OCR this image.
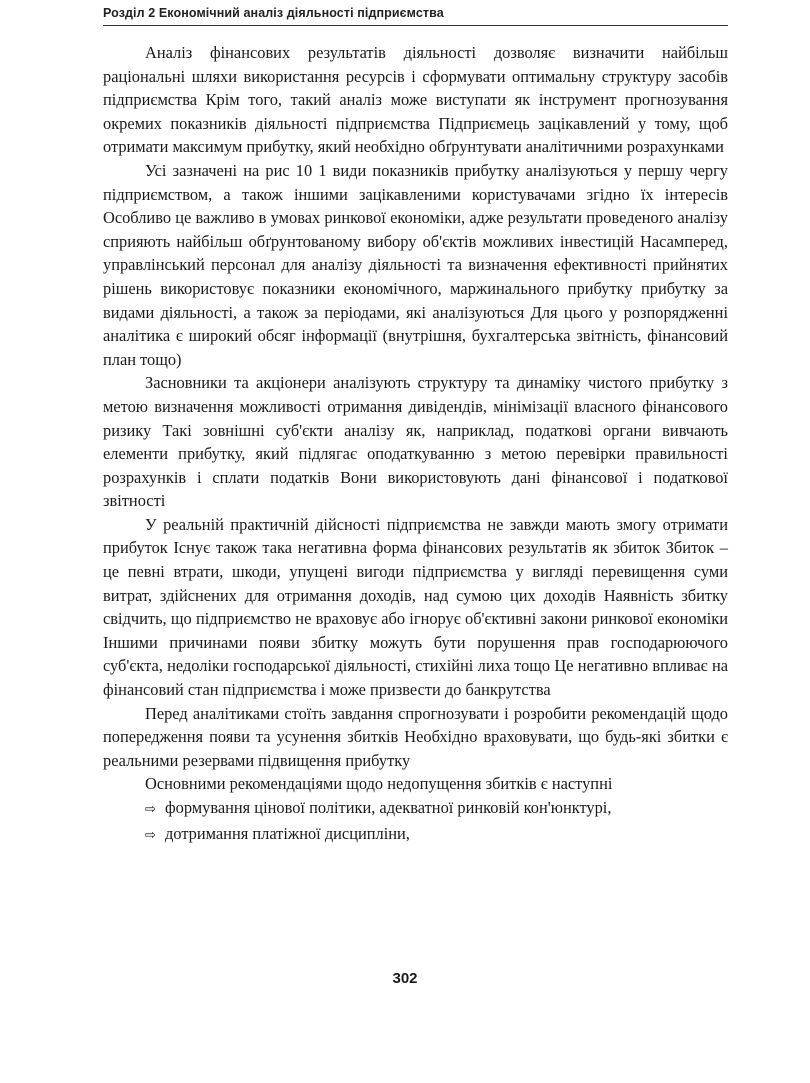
Розділ 2 Економічний аналіз діяльності підприємства

Аналіз фінансових результатів діяльності дозволяє визначити найбільш раціональні шляхи використання ресурсів і сформувати оптимальну структуру засобів підприємства Крім того, такий аналіз може виступати як інструмент прогнозування окремих показників діяльності підприємства Підприємець зацікавлений у тому, щоб отримати максимум прибутку, який необхідно обґрунтувати аналітичними розрахунками

Усі зазначені на рис 10 1 види показників прибутку аналізуються у першу чергу підприємством, а також іншими зацікавленими користувачами згідно їх інтересів Особливо це важливо в умовах ринкової економіки, адже результати проведеного аналізу сприяють найбільш обґрунтованому вибору об'єктів можливих інвестицій Насамперед, управлінський персонал для аналізу діяльності та визначення ефективності прийнятих рішень використовує показники економічного, маржинального прибутку прибутку за видами діяльності, а також за періодами, які аналізуються Для цього у розпорядженні аналітика є широкий обсяг інформації (внутрішня, бухгалтерська звітність, фінансовий план тощо)

Засновники та акціонери аналізують структуру та динаміку чистого прибутку з метою визначення можливості отримання дивідендів, мінімізації власного фінансового ризику Такі зовнішні суб'єкти аналізу як, наприклад, податкові органи вивчають елементи прибутку, який підлягає оподаткуванню з метою перевірки правильності розрахунків і сплати податків Вони використовують дані фінансової і податкової звітності

У реальній практичній дійсності підприємства не завжди мають змогу отримати прибуток Існує також така негативна форма фінансових результатів як збиток Збиток – це певні втрати, шкоди, упущені вигоди підприємства у вигляді перевищення суми витрат, здійснених для отримання доходів, над сумою цих доходів Наявність збитку свідчить, що підприємство не враховує або ігнорує об'єктивні закони ринкової економіки Іншими причинами появи збитку можуть бути порушення прав господарюючого суб'єкта, недоліки господарської діяльності, стихійні лиха тощо Це негативно впливає на фінансовий стан підприємства і може призвести до банкрутства

Перед аналітиками стоїть завдання спрогнозувати і розробити рекомендацій щодо попередження появи та усунення збитків Необхідно враховувати, що будь-які збитки є реальними резервами підвищення прибутку

Основними рекомендаціями щодо недопущення збитків є наступні

⇨ формування цінової політики, адекватної ринковій кон'юнктурі,
⇨ дотримання платіжної дисципліни,
302
